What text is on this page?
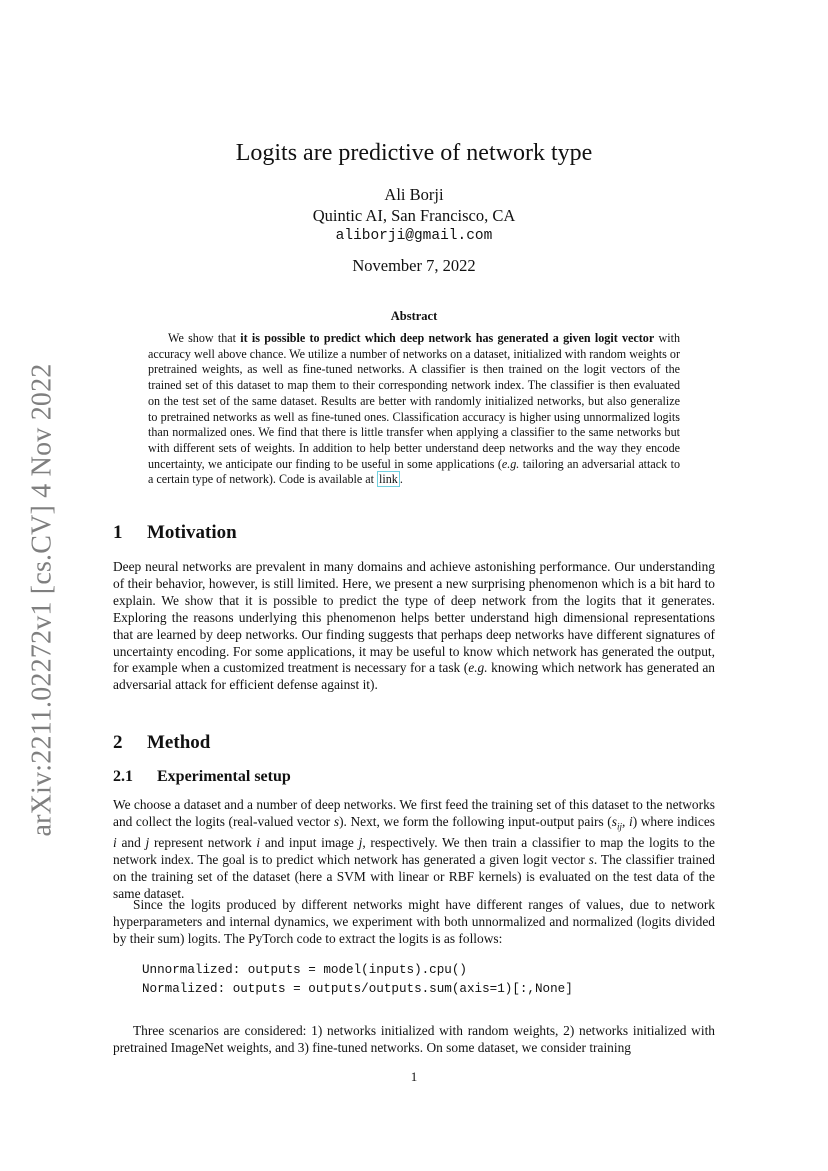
arXiv:2211.02272v1 [cs.CV] 4 Nov 2022
Logits are predictive of network type
Ali Borji
Quintic AI, San Francisco, CA
aliborji@gmail.com
November 7, 2022
Abstract

We show that it is possible to predict which deep network has generated a given logit vector with accuracy well above chance. We utilize a number of networks on a dataset, initialized with random weights or pretrained weights, as well as fine-tuned networks. A classifier is then trained on the logit vectors of the trained set of this dataset to map them to their corresponding network index. The classifier is then evaluated on the test set of the same dataset. Results are better with randomly initialized networks, but also generalize to pretrained networks as well as fine-tuned ones. Classification accuracy is higher using unnormalized logits than normalized ones. We find that there is little transfer when applying a classifier to the same networks but with different sets of weights. In addition to help better understand deep networks and the way they encode uncertainty, we anticipate our finding to be useful in some applications (e.g. tailoring an adversarial attack to a certain type of network). Code is available at link .

1 Motivation

Deep neural networks are prevalent in many domains and achieve astonishing performance. Our understanding of their behavior, however, is still limited. Here, we present a new surprising phenomenon which is a bit hard to explain. We show that it is possible to predict the type of deep network from the logits that it generates. Exploring the reasons underlying this phenomenon helps better understand high dimensional representations that are learned by deep networks. Our finding suggests that perhaps deep networks have different signatures of uncertainty encoding. For some applications, it may be useful to know which network has generated the output, for example when a customized treatment is necessary for a task (e.g. knowing which network has generated an adversarial attack for efficient defense against it).

2 Method
2.1 Experimental setup

We choose a dataset and a number of deep networks. We first feed the training set of this dataset to the networks and collect the logits (real-valued vector s). Next, we form the following input-output pairs ($s_{ij}$, i) where indices i and j represent network i and input image j, respectively. We then train a classifier to map the logits to the network index. The goal is to predict which network has generated a given logit vector s. The classifier trained on the training set of the dataset (here a SVM with linear or RBF kernels) is evaluated on the test data of the same dataset.

Since the logits produced by different networks might have different ranges of values, due to network hyperparameters and internal dynamics, we experiment with both unnormalized and normalized (logits divided by their sum) logits. The PyTorch code to extract the logits is as follows:

Unnormalized: outputs = model(inputs).cpu()
Normalized: outputs = outputs/outputs.sum(axis=1)[:,None]

Three scenarios are considered: 1) networks initialized with random weights, 2) networks initialized with pretrained ImageNet weights, and 3) fine-tuned networks. On some dataset, we consider training

1
